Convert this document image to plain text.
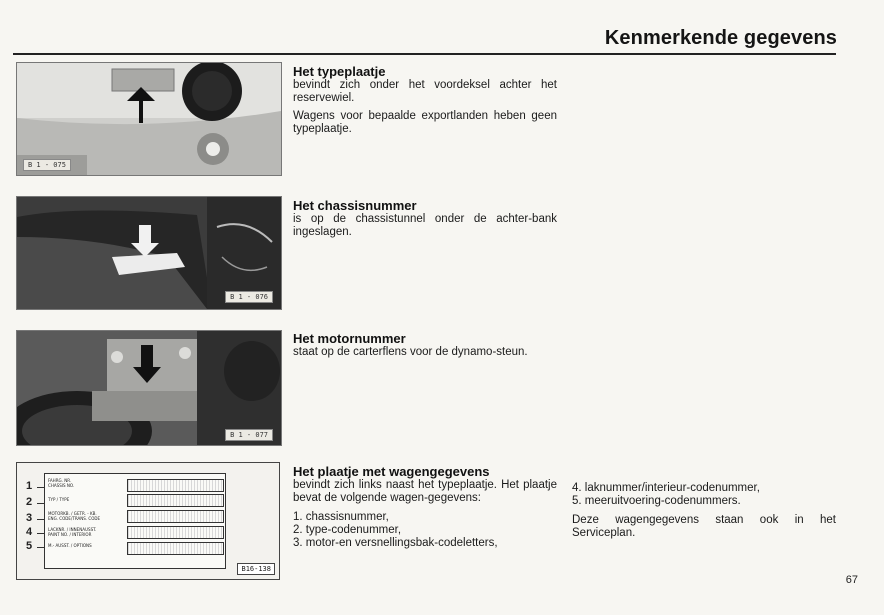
Kenmerkende gegevens
B 1 - 075
Het typeplaatje

bevindt zich onder het voordeksel achter het reservewiel.

Wagens voor bepaalde exportlanden heben geen typeplaatje.

B 1 - 076
Het chassisnummer

is op de chassistunnel onder de achter-bank ingeslagen.

B 1 - 077
Het motornummer

staat op de carterflens voor de dynamo-steun.

1
2
3
4
5
FAHRG. NR.
CHASSIS NO.
TYP / TYPE
MOTORKB. / GETR. - KB.
ENG. CODE/TRANS. CODE
LACKNR. / INNENAUSST.
PAINT NO. / INTERIOR
M.- AUSST. / OPTIONS
B16-138
Het plaatje met wagengegevens

bevindt zich links naast het typeplaatje. Het plaatje bevat de volgende wagen-gegevens:

1. chassisnummer,
2. type-codenummer,
3. motor-en versnellingsbak-codeletters,
4. laknummer/interieur-codenummer,
5. meeruitvoering-codenummers.

Deze wagengegevens staan ook in het Serviceplan.

67
